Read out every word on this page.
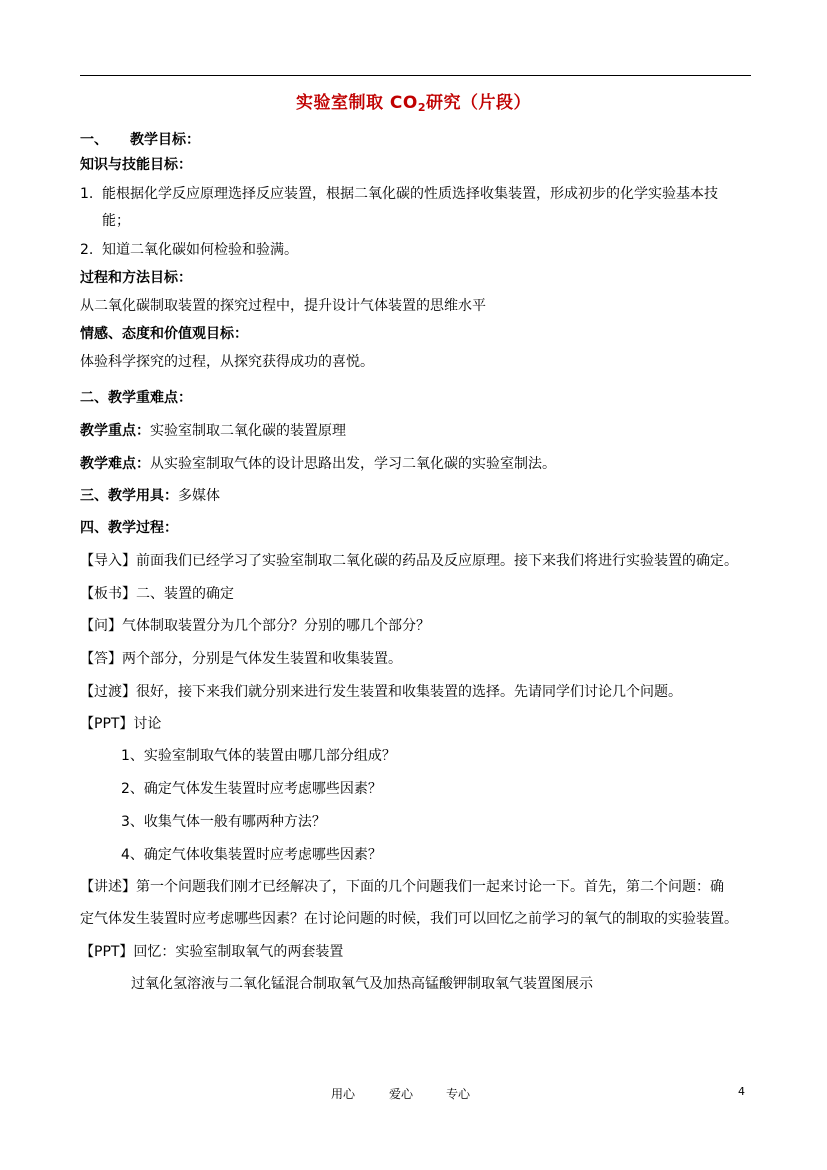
实验室制取 $CO_2$研究（片段）
一、 教学目标：
知识与技能目标：
1. 能根据化学反应原理选择反应装置，根据二氧化碳的性质选择收集装置，形成初步的化学实验基本技
能；
2. 知道二氧化碳如何检验和验满。
过程和方法目标：
从二氧化碳制取装置的探究过程中，提升设计气体装置的思维水平
情感、态度和价值观目标：
体验科学探究的过程，从探究获得成功的喜悦。
二、教学重难点：
教学重点：实验室制取二氧化碳的装置原理
教学难点：从实验室制取气体的设计思路出发，学习二氧化碳的实验室制法。
三、教学用具：多媒体
四、教学过程：
【导入】前面我们已经学习了实验室制取二氧化碳的药品及反应原理。接下来我们将进行实验装置的确定。
【板书】二、装置的确定
【问】气体制取装置分为几个部分？分别的哪几个部分？
【答】两个部分，分别是气体发生装置和收集装置。
【过渡】很好，接下来我们就分别来进行发生装置和收集装置的选择。先请同学们讨论几个问题。
【PPT】讨论
1、实验室制取气体的装置由哪几部分组成？
2、确定气体发生装置时应考虑哪些因素？
3、收集气体一般有哪两种方法？
4、确定气体收集装置时应考虑哪些因素？
【讲述】第一个问题我们刚才已经解决了，下面的几个问题我们一起来讨论一下。首先，第二个问题：确
定气体发生装置时应考虑哪些因素？在讨论问题的时候，我们可以回忆之前学习的氧气的制取的实验装置。
【PPT】回忆：实验室制取氧气的两套装置
过氧化氢溶液与二氧化锰混合制取氧气及加热高锰酸钾制取氧气装置图展示
用心	爱心	专心	4
